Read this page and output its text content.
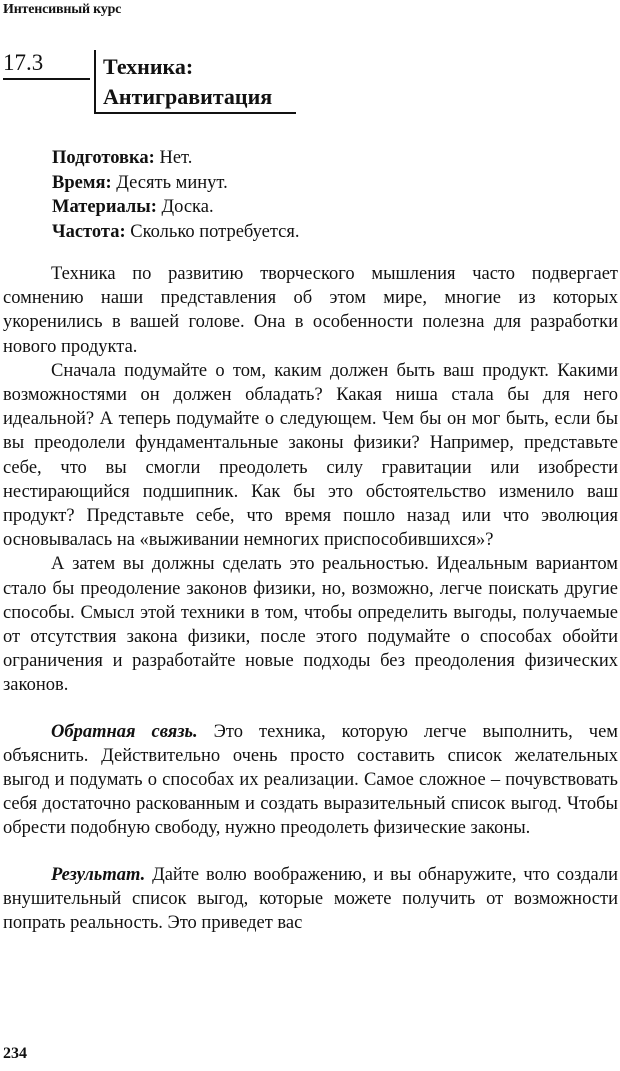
Интенсивный курс
17.3	Техника:
Антигравитация
Подготовка: Нет.
Время: Десять минут.
Материалы: Доска.
Частота: Сколько потребуется.

Техника по развитию творческого мышления часто подвергает сомнению наши представления об этом мире, многие из которых укоренились в вашей голове. Она в особенности полезна для разработки нового продукта.

Сначала подумайте о том, каким должен быть ваш продукт. Какими возможностями он должен обладать? Какая ниша стала бы для него идеальной? А теперь подумайте о следующем. Чем бы он мог быть, если бы вы преодолели фундаментальные законы физики? Например, представьте себе, что вы смогли преодолеть силу гравитации или изобрести нестирающийся подшипник. Как бы это обстоятельство изменило ваш продукт? Представьте себе, что время пошло назад или что эволюция основывалась на «выживании немногих приспособившихся»?

А затем вы должны сделать это реальностью. Идеальным вариантом стало бы преодоление законов физики, но, возможно, легче поискать другие способы. Смысл этой техники в том, чтобы определить выгоды, получаемые от отсутствия закона физики, после этого подумайте о способах обойти ограничения и разработайте новые подходы без преодоления физических законов.

Обратная связь. Это техника, которую легче выполнить, чем объяснить. Действительно очень просто составить список желательных выгод и подумать о способах их реализации. Самое сложное – почувствовать себя достаточно раскованным и создать выразительный список выгод. Чтобы обрести подобную свободу, нужно преодолеть физические законы.

Результат. Дайте волю воображению, и вы обнаружите, что создали внушительный список выгод, которые можете получить от возможности попрать реальность. Это приведет вас

234
